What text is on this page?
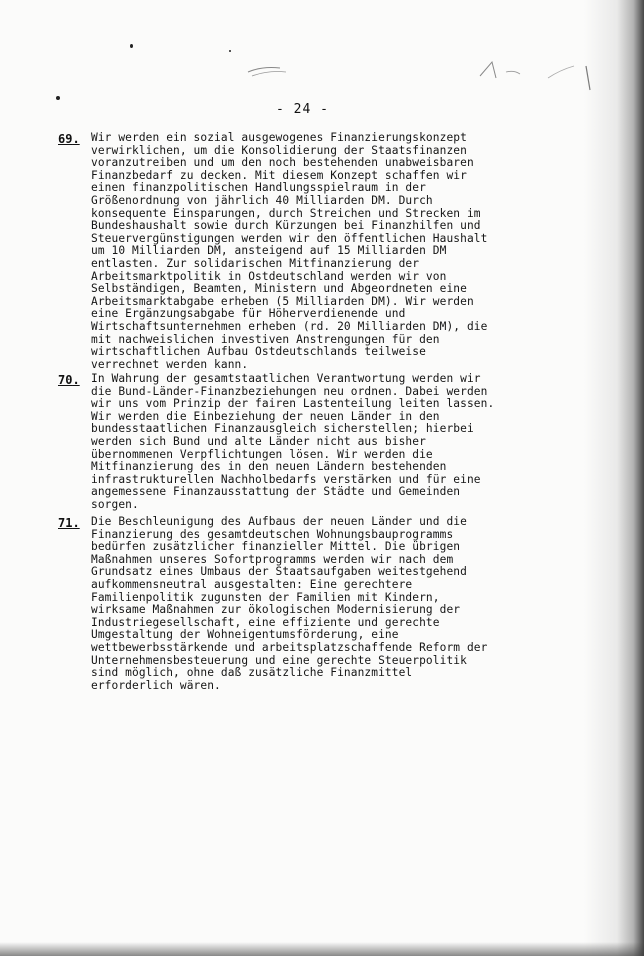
- 24 -
69. Wir werden ein sozial ausgewogenes Finanzierungskonzept
verwirklichen, um die Konsolidierung der Staatsfinanzen
voranzutreiben und um den noch bestehenden unabweisbaren
Finanzbedarf zu decken. Mit diesem Konzept schaffen wir
einen finanzpolitischen Handlungsspielraum in der
Größenordnung von jährlich 40 Milliarden DM. Durch
konsequente Einsparungen, durch Streichen und Strecken im
Bundeshaushalt sowie durch Kürzungen bei Finanzhilfen und
Steuervergünstigungen werden wir den öffentlichen Haushalt
um 10 Milliarden DM, ansteigend auf 15 Milliarden DM
entlasten. Zur solidarischen Mitfinanzierung der
Arbeitsmarktpolitik in Ostdeutschland werden wir von
Selbständigen, Beamten, Ministern und Abgeordneten eine
Arbeitsmarktabgabe erheben (5 Milliarden DM). Wir werden
eine Ergänzungsabgabe für Höherverdienende und
Wirtschaftsunternehmen erheben (rd. 20 Milliarden DM), die
mit nachweislichen investiven Anstrengungen für den
wirtschaftlichen Aufbau Ostdeutschlands teilweise
verrechnet werden kann.
70. In Wahrung der gesamtstaatlichen Verantwortung werden wir
die Bund-Länder-Finanzbeziehungen neu ordnen. Dabei werden
wir uns vom Prinzip der fairen Lastenteilung leiten lassen.
Wir werden die Einbeziehung der neuen Länder in den
bundesstaatlichen Finanzausgleich sicherstellen; hierbei
werden sich Bund und alte Länder nicht aus bisher
übernommenen Verpflichtungen lösen. Wir werden die
Mitfinanzierung des in den neuen Ländern bestehenden
infrastrukturellen Nachholbedarfs verstärken und für eine
angemessene Finanzausstattung der Städte und Gemeinden
sorgen.
71. Die Beschleunigung des Aufbaus der neuen Länder und die
Finanzierung des gesamtdeutschen Wohnungsbauprogramms
bedürfen zusätzlicher finanzieller Mittel. Die übrigen
Maßnahmen unseres Sofortprogramms werden wir nach dem
Grundsatz eines Umbaus der Staatsaufgaben weitestgehend
aufkommensneutral ausgestalten: Eine gerechtere
Familienpolitik zugunsten der Familien mit Kindern,
wirksame Maßnahmen zur ökologischen Modernisierung der
Industriegesellschaft, eine effiziente und gerechte
Umgestaltung der Wohneigentumsförderung, eine
wettbewerbsstärkende und arbeitsplatzschaffende Reform der
Unternehmensbesteuerung und eine gerechte Steuerpolitik
sind möglich, ohne daß zusätzliche Finanzmittel
erforderlich wären.
